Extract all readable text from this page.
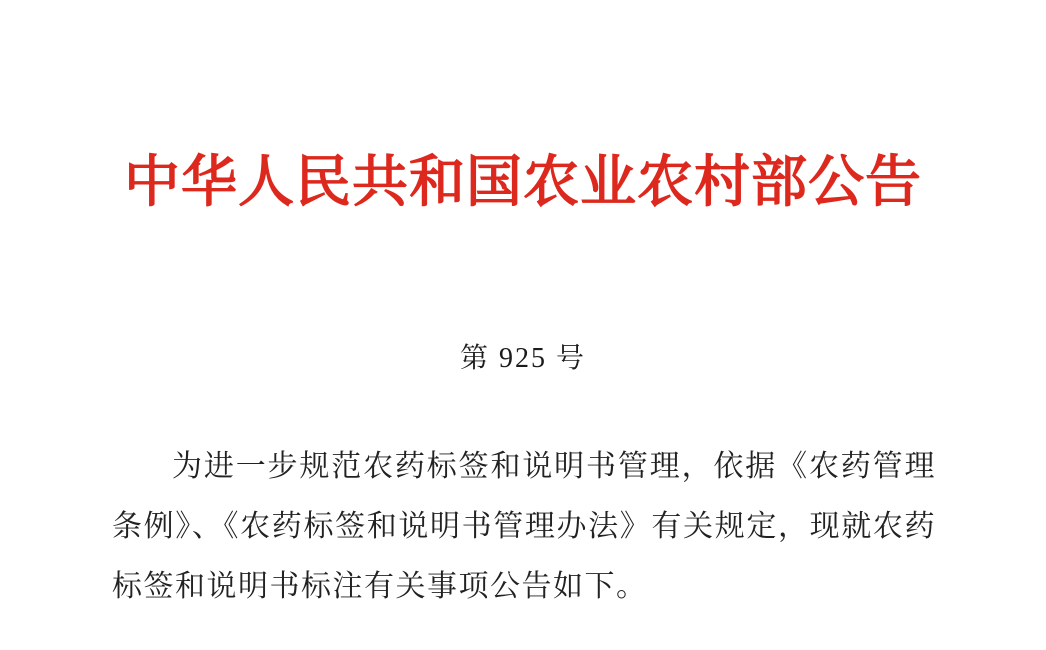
中华人民共和国农业农村部公告
第 925 号

为进一步规范农药标签和说明书管理，依据《农药管理条例》、《农药标签和说明书管理办法》有关规定，现就农药标签和说明书标注有关事项公告如下。
